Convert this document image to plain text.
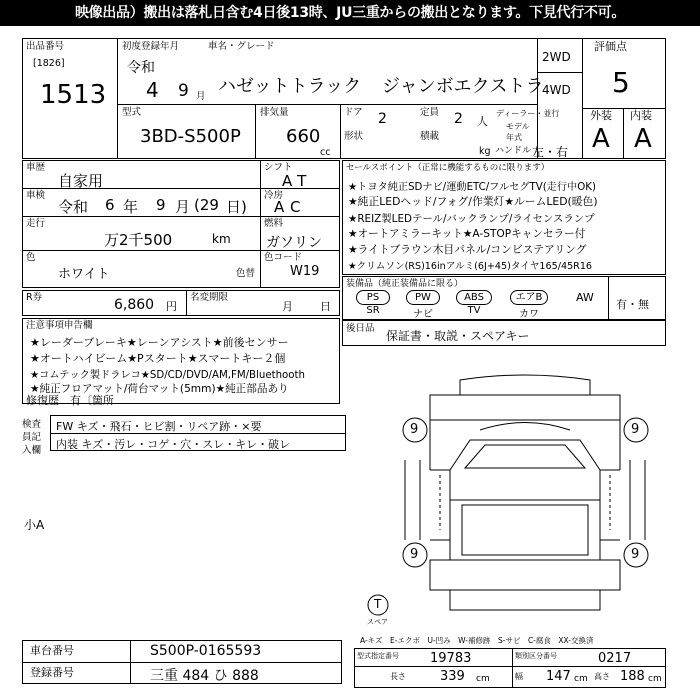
映像出品）搬出は落札日含む4日後13時、JU三重からの搬出となります。下見代行不可。
出品番号
[1826]
1513
初度登録年月
令和
4 9 月
車名・グレード
ハゼットトラック ジャンボエクストラ
2WD
4WD
評価点
5
型式
3BD-S500P
排気量
660
cc
ドア 2	定員 2 人
形状	積載
kg
ディーラー・並行
モデル
年式
ハンドル 左・右
外装 内装
A A
車歴
自家用
車検
令和 6 年 9 月 (29 日)
走行
万2千500	km
色
ホワイト	色替
色コード
W19
シフト
AT
冷房
AC
燃料
ガソリン
R券	6,860 円
名変期限
月 日
注意事項申告欄
★レーダーブレーキ★レーンアシスト★前後センサー
★オートハイビーム★Pスタート★スマートキー２個
★コムテック製ドラレコ★SD/CD/DVD/AM,FM/Bluethooth
★純正フロアマット/荷台マット(5mm)★純正部品あり
修復歴 有〔箇所
検査員記入欄
FW キズ・飛石・ヒビ割・リペア跡・×要
内装 キズ・汚レ・コゲ・穴・スレ・キレ・破レ
小A
セールスポイント（正常に機能するものに限ります）
★トヨタ純正SDナビ/運動ETC/フルセグTV(走行中OK)
★純正LEDヘッド/フォグ/作業灯★ルームLED(暖色)
★REIZ製LEDテール/バックランプ/ライセンスランプ
★オートアミラーキット★A-STOPキャンセラー付
★ライトブラウン木目パネル/コンビステアリング
★クリムソン(RS)16inアルミ(6J+45)タイヤ165/45R16
装備品（純正装備品に限る）
PS
SR
PW
ナビ
ABS
TV
エアB
カワ
AW
有・無
後日品
保証書・取説・スペアキー
9	9
9	9
T
スペア
A-キズ　E-エクボ　U-凹み　W-補修跡　S-サビ　C-腐食　XX-交換済
車台番号	S500P-0165593
登録番号	三重 484 ひ 888
型式指定番号 19783	類別区分番号	0217
長さ	339 cm	幅 147 cm 高さ 188 cm
